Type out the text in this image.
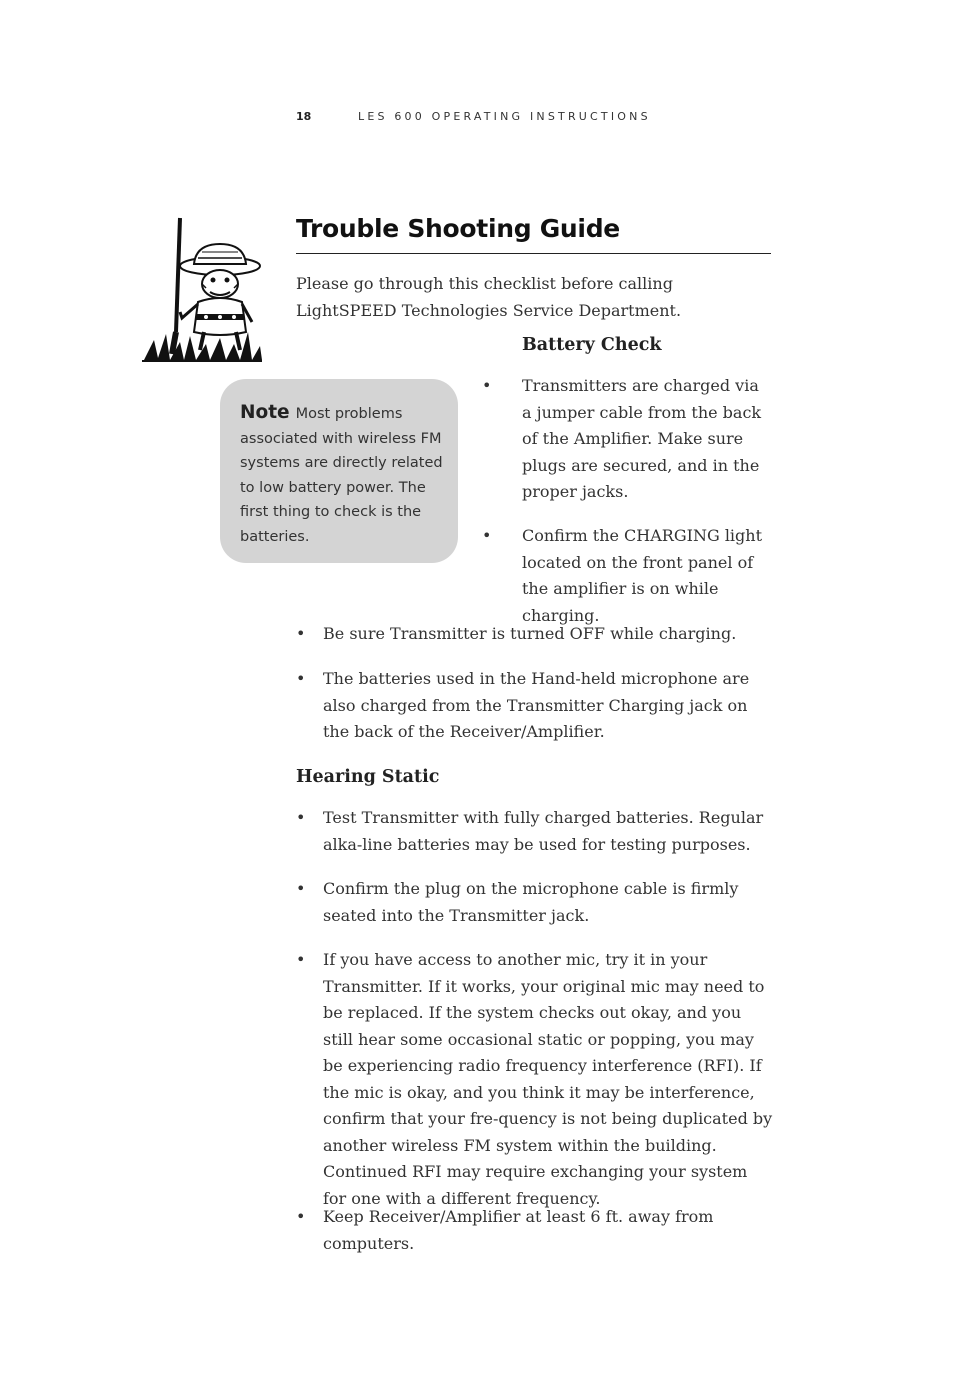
18	LES 600 OPERATING INSTRUCTIONS
Trouble Shooting Guide
Please go through this checklist before calling LightSPEED Technologies Service Department.
Battery Check
Note Most problems associated with wireless FM systems are directly related to low battery power. The first thing to check is the batteries.
• Transmitters are charged via a jumper cable from the back of the Amplifier. Make sure plugs are secured, and in the proper jacks.
• Confirm the CHARGING light located on the front panel of the amplifier is on while charging.
• Be sure Transmitter is turned OFF while charging.
• The batteries used in the Hand-held microphone are also charged from the Transmitter Charging jack on the back of the Receiver/Amplifier.
Hearing Static
• Test Transmitter with fully charged batteries. Regular alka-line batteries may be used for testing purposes.
• Confirm the plug on the microphone cable is firmly seated into the Transmitter jack.
• If you have access to another mic, try it in your Transmitter. If it works, your original mic may need to be replaced. If the system checks out okay, and you still hear some occasional static or popping, you may be experiencing radio frequency interference (RFI). If the mic is okay, and you think it may be interference, confirm that your fre-quency is not being duplicated by another wireless FM system within the building. Continued RFI may require exchanging your system for one with a different frequency.
• Keep Receiver/Amplifier at least 6 ft. away from computers.
